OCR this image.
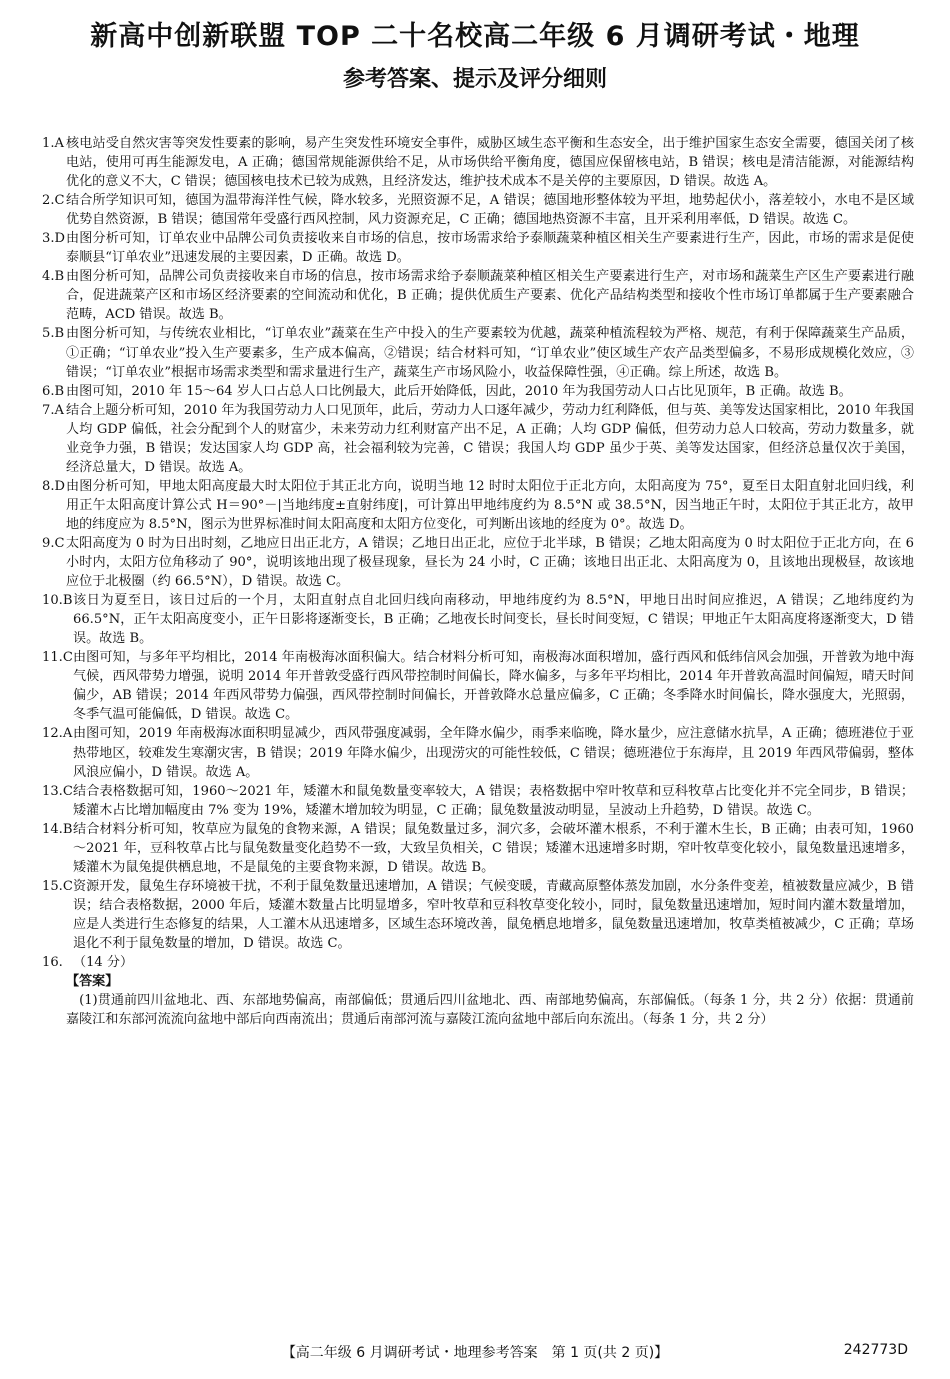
新高中创新联盟 TOP 二十名校高二年级 6 月调研考试・地理
参考答案、提示及评分细则
1.A 核电站受自然灾害等突发性要素的影响，易产生突发性环境安全事件，威胁区域生态平衡和生态安全，出于维护国家生态安全需要，德国关闭了核电站，使用可再生能源发电，A 正确；德国常规能源供给不足，从市场供给平衡角度，德国应保留核电站，B 错误；核电是清洁能源，对能源结构优化的意义不大，C 错误；德国核电技术已较为成熟，且经济发达，维护技术成本不是关停的主要原因，D 错误。故选 A。
2.C 结合所学知识可知，德国为温带海洋性气候，降水较多，光照资源不足，A 错误；德国地形整体较为平坦，地势起伏小，落差较小，水电不是区域优势自然资源，B 错误；德国常年受盛行西风控制，风力资源充足，C 正确；德国地热资源不丰富，且开采利用率低，D 错误。故选 C。
3.D 由图分析可知，订单农业中品牌公司负责接收来自市场的信息，按市场需求给予泰顺蔬菜种植区相关生产要素进行生产，因此，市场的需求是促使泰顺县“订单农业”迅速发展的主要因素，D 正确。故选 D。
4.B 由图分析可知，品牌公司负责接收来自市场的信息，按市场需求给予泰顺蔬菜种植区相关生产要素进行生产，对市场和蔬菜生产区生产要素进行融合，促进蔬菜产区和市场区经济要素的空间流动和优化，B 正确；提供优质生产要素、优化产品结构类型和接收个性市场订单都属于生产要素融合范畴，ACD 错误。故选 B。
5.B 由图分析可知，与传统农业相比，“订单农业”蔬菜在生产中投入的生产要素较为优越，蔬菜种植流程较为严格、规范，有利于保障蔬菜生产品质，①正确；“订单农业”投入生产要素多，生产成本偏高，②错误；结合材料可知，“订单农业”使区域生产农产品类型偏多，不易形成规模化效应，③错误；“订单农业”根据市场需求类型和需求量进行生产，蔬菜生产市场风险小，收益保障性强，④正确。综上所述，故选 B。
6.B 由图可知，2010 年 15～64 岁人口占总人口比例最大，此后开始降低，因此，2010 年为我国劳动人口占比见顶年，B 正确。故选 B。
7.A 结合上题分析可知，2010 年为我国劳动力人口见顶年，此后，劳动力人口逐年减少，劳动力红利降低，但与英、美等发达国家相比，2010 年我国人均 GDP 偏低，社会分配到个人的财富少，未来劳动力红利财富产出不足，A 正确；人均 GDP 偏低，但劳动力总人口较高，劳动力数量多，就业竞争力强，B 错误；发达国家人均 GDP 高，社会福利较为完善，C 错误；我国人均 GDP 虽少于英、美等发达国家，但经济总量仅次于美国，经济总量大，D 错误。故选 A。
8.D 由图分析可知，甲地太阳高度最大时太阳位于其正北方向，说明当地 12 时时太阳位于正北方向，太阳高度为 75°，夏至日太阳直射北回归线，利用正午太阳高度计算公式 H＝90°－|当地纬度±直射纬度|，可计算出甲地纬度约为 8.5°N 或 38.5°N，因当地正午时，太阳位于其正北方，故甲地的纬度应为 8.5°N，图示为世界标准时间太阳高度和太阳方位变化，可判断出该地的经度为 0°。故选 D。
9.C 太阳高度为 0 时为日出时刻，乙地应日出正北方，A 错误；乙地日出正北，应位于北半球，B 错误；乙地太阳高度为 0 时太阳位于正北方向，在 6 小时内，太阳方位角移动了 90°，说明该地出现了极昼现象，昼长为 24 小时，C 正确；该地日出正北、太阳高度为 0，且该地出现极昼，故该地应位于北极圈（约 66.5°N），D 错误。故选 C。
10.B 该日为夏至日，该日过后的一个月，太阳直射点自北回归线向南移动，甲地纬度约为 8.5°N，甲地日出时间应推迟，A 错误；乙地纬度约为 66.5°N，正午太阳高度变小，正午日影将逐渐变长，B 正确；乙地夜长时间变长，昼长时间变短，C 错误；甲地正午太阳高度将逐渐变大，D 错误。故选 B。
11.C 由图可知，与多年平均相比，2014 年南极海冰面积偏大。结合材料分析可知，南极海冰面积增加，盛行西风和低纬信风会加强，开普敦为地中海气候，西风带势力增强，说明 2014 年开普敦受盛行西风带控制时间偏长，降水偏多，与多年平均相比，2014 年开普敦高温时间偏短，晴天时间偏少，AB 错误；2014 年西风带势力偏强，西风带控制时间偏长，开普敦降水总量应偏多，C 正确；冬季降水时间偏长，降水强度大，光照弱，冬季气温可能偏低，D 错误。故选 C。
12.A 由图可知，2019 年南极海冰面积明显减少，西风带强度减弱，全年降水偏少，雨季来临晚，降水量少，应注意储水抗旱，A 正确；德班港位于亚热带地区，较难发生寒潮灾害，B 错误；2019 年降水偏少，出现涝灾的可能性较低，C 错误；德班港位于东海岸，且 2019 年西风带偏弱，整体风浪应偏小，D 错误。故选 A。
13.C 结合表格数据可知，1960～2021 年，矮灌木和鼠兔数量变率较大，A 错误；表格数据中窄叶牧草和豆科牧草占比变化并不完全同步，B 错误；矮灌木占比增加幅度由 7% 变为 19%，矮灌木增加较为明显，C 正确；鼠兔数量波动明显，呈波动上升趋势，D 错误。故选 C。
14.B 结合材料分析可知，牧草应为鼠兔的食物来源，A 错误；鼠兔数量过多，洞穴多，会破坏灌木根系，不利于灌木生长，B 正确；由表可知，1960～2021 年，豆科牧草占比与鼠兔数量变化趋势不一致，大致呈负相关，C 错误；矮灌木迅速增多时期，窄叶牧草变化较小，鼠兔数量迅速增多，矮灌木为鼠兔提供栖息地，不是鼠兔的主要食物来源，D 错误。故选 B。
15.C 资源开发，鼠兔生存环境被干扰，不利于鼠兔数量迅速增加，A 错误；气候变暖，青藏高原整体蒸发加剧，水分条件变差，植被数量应减少，B 错误；结合表格数据，2000 年后，矮灌木数量占比明显增多，窄叶牧草和豆科牧草变化较小，同时，鼠兔数量迅速增加，短时间内灌木数量增加，应是人类进行生态修复的结果，人工灌木从迅速增多，区域生态环境改善，鼠兔栖息地增多，鼠兔数量迅速增加，牧草类植被减少，C 正确；草场退化不利于鼠兔数量的增加，D 错误。故选 C。
16. （14 分）
【答案】
(1)贯通前四川盆地北、西、东部地势偏高，南部偏低；贯通后四川盆地北、西、南部地势偏高，东部偏低。（每条 1 分，共 2 分）依据：贯通前嘉陵江和东部河流流向盆地中部后向西南流出；贯通后南部河流与嘉陵江流向盆地中部后向东流出。（每条 1 分，共 2 分）
【高二年级 6 月调研考试・地理参考答案　第 1 页(共 2 页)】	242773D
